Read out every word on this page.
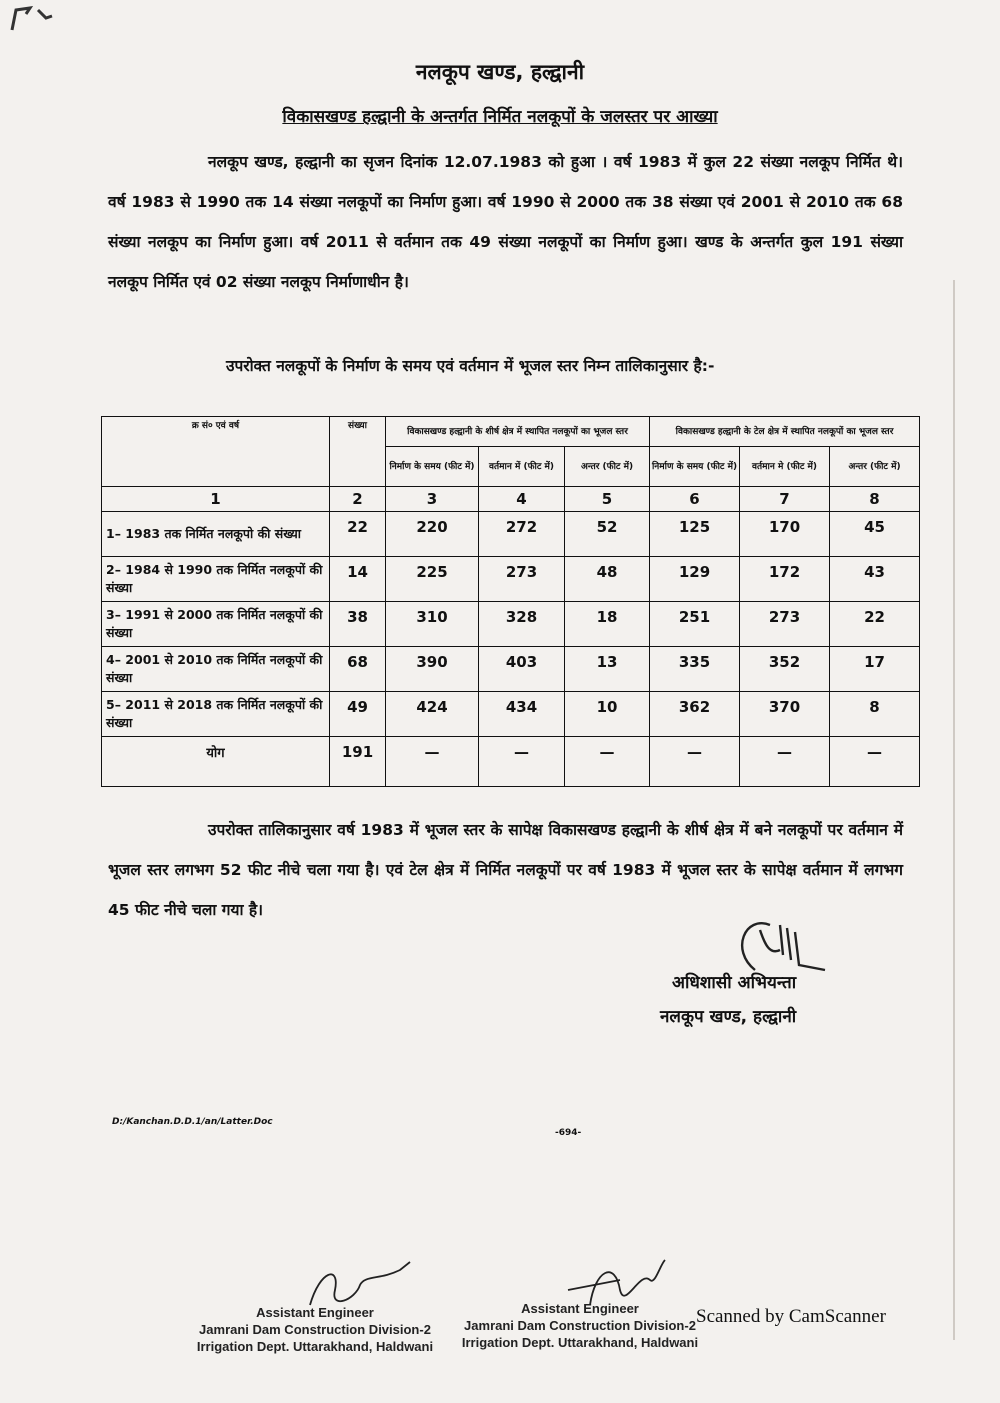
नलकूप खण्ड, हल्द्वानी
विकासखण्ड हल्द्वानी के अन्तर्गत निर्मित नलकूपों के जलस्तर पर आख्या
नलकूप खण्ड, हल्द्वानी का सृजन दिनांक 12.07.1983 को हुआ । वर्ष 1983 में कुल 22 संख्या नलकूप निर्मित थे। वर्ष 1983 से 1990 तक 14 संख्या नलकूपों का निर्माण हुआ। वर्ष 1990 से 2000 तक 38 संख्या एवं 2001 से 2010 तक 68 संख्या नलकूप का निर्माण हुआ। वर्ष 2011 से वर्तमान तक 49 संख्या नलकूपों का निर्माण हुआ। खण्ड के अन्तर्गत कुल 191 संख्या नलकूप निर्मित एवं 02 संख्या नलकूप निर्माणाधीन है।
उपरोक्त नलकूपों के निर्माण के समय एवं वर्तमान में भूजल स्तर निम्न तालिकानुसार है:-
क्र सं० एवं वर्ष	संख्या	विकासखण्ड हल्द्वानी के शीर्ष क्षेत्र में स्थापित नलकूपों का भूजल स्तर			विकासखण्ड हल्द्वानी के टेल क्षेत्र में स्थापित नलकूपों का भूजल स्तर		
		निर्माण के समय (फीट में)	वर्तमान में (फीट में)	अन्तर (फीट में)	निर्माण के समय (फीट में)	वर्तमान मे (फीट में)	अन्तर (फीट में)
1	2	3	4	5	6	7	8
1– 1983 तक निर्मित नलकूपो की संख्या	22	220	272	52	125	170	45
2– 1984 से 1990 तक निर्मित नलकूपों की संख्या	14	225	273	48	129	172	43
3– 1991 से 2000 तक निर्मित नलकूपों की संख्या	38	310	328	18	251	273	22
4– 2001 से 2010 तक निर्मित नलकूपों की संख्या	68	390	403	13	335	352	17
5– 2011 से 2018 तक निर्मित नलकूपों की संख्या	49	424	434	10	362	370	8
योग	191	—	—	—	—	—	—
उपरोक्त तालिकानुसार वर्ष 1983 में भूजल स्तर के सापेक्ष विकासखण्ड हल्द्वानी के शीर्ष क्षेत्र में बने नलकूपों पर वर्तमान में भूजल स्तर लगभग 52 फीट नीचे चला गया है। एवं टेल क्षेत्र में निर्मित नलकूपों पर वर्ष 1983 में भूजल स्तर के सापेक्ष वर्तमान में लगभग 45 फीट नीचे चला गया है।
अधिशासी अभियन्ता
नलकूप खण्ड, हल्द्वानी
D:/Kanchan.D.D.1/an/Latter.Doc
-694-
Assistant Engineer
Jamrani Dam Construction Division-2
Irrigation Dept. Uttarakhand, Haldwani
Assistant Engineer
Jamrani Dam Construction Division-2
Irrigation Dept. Uttarakhand, Haldwani
Scanned by CamScanner
